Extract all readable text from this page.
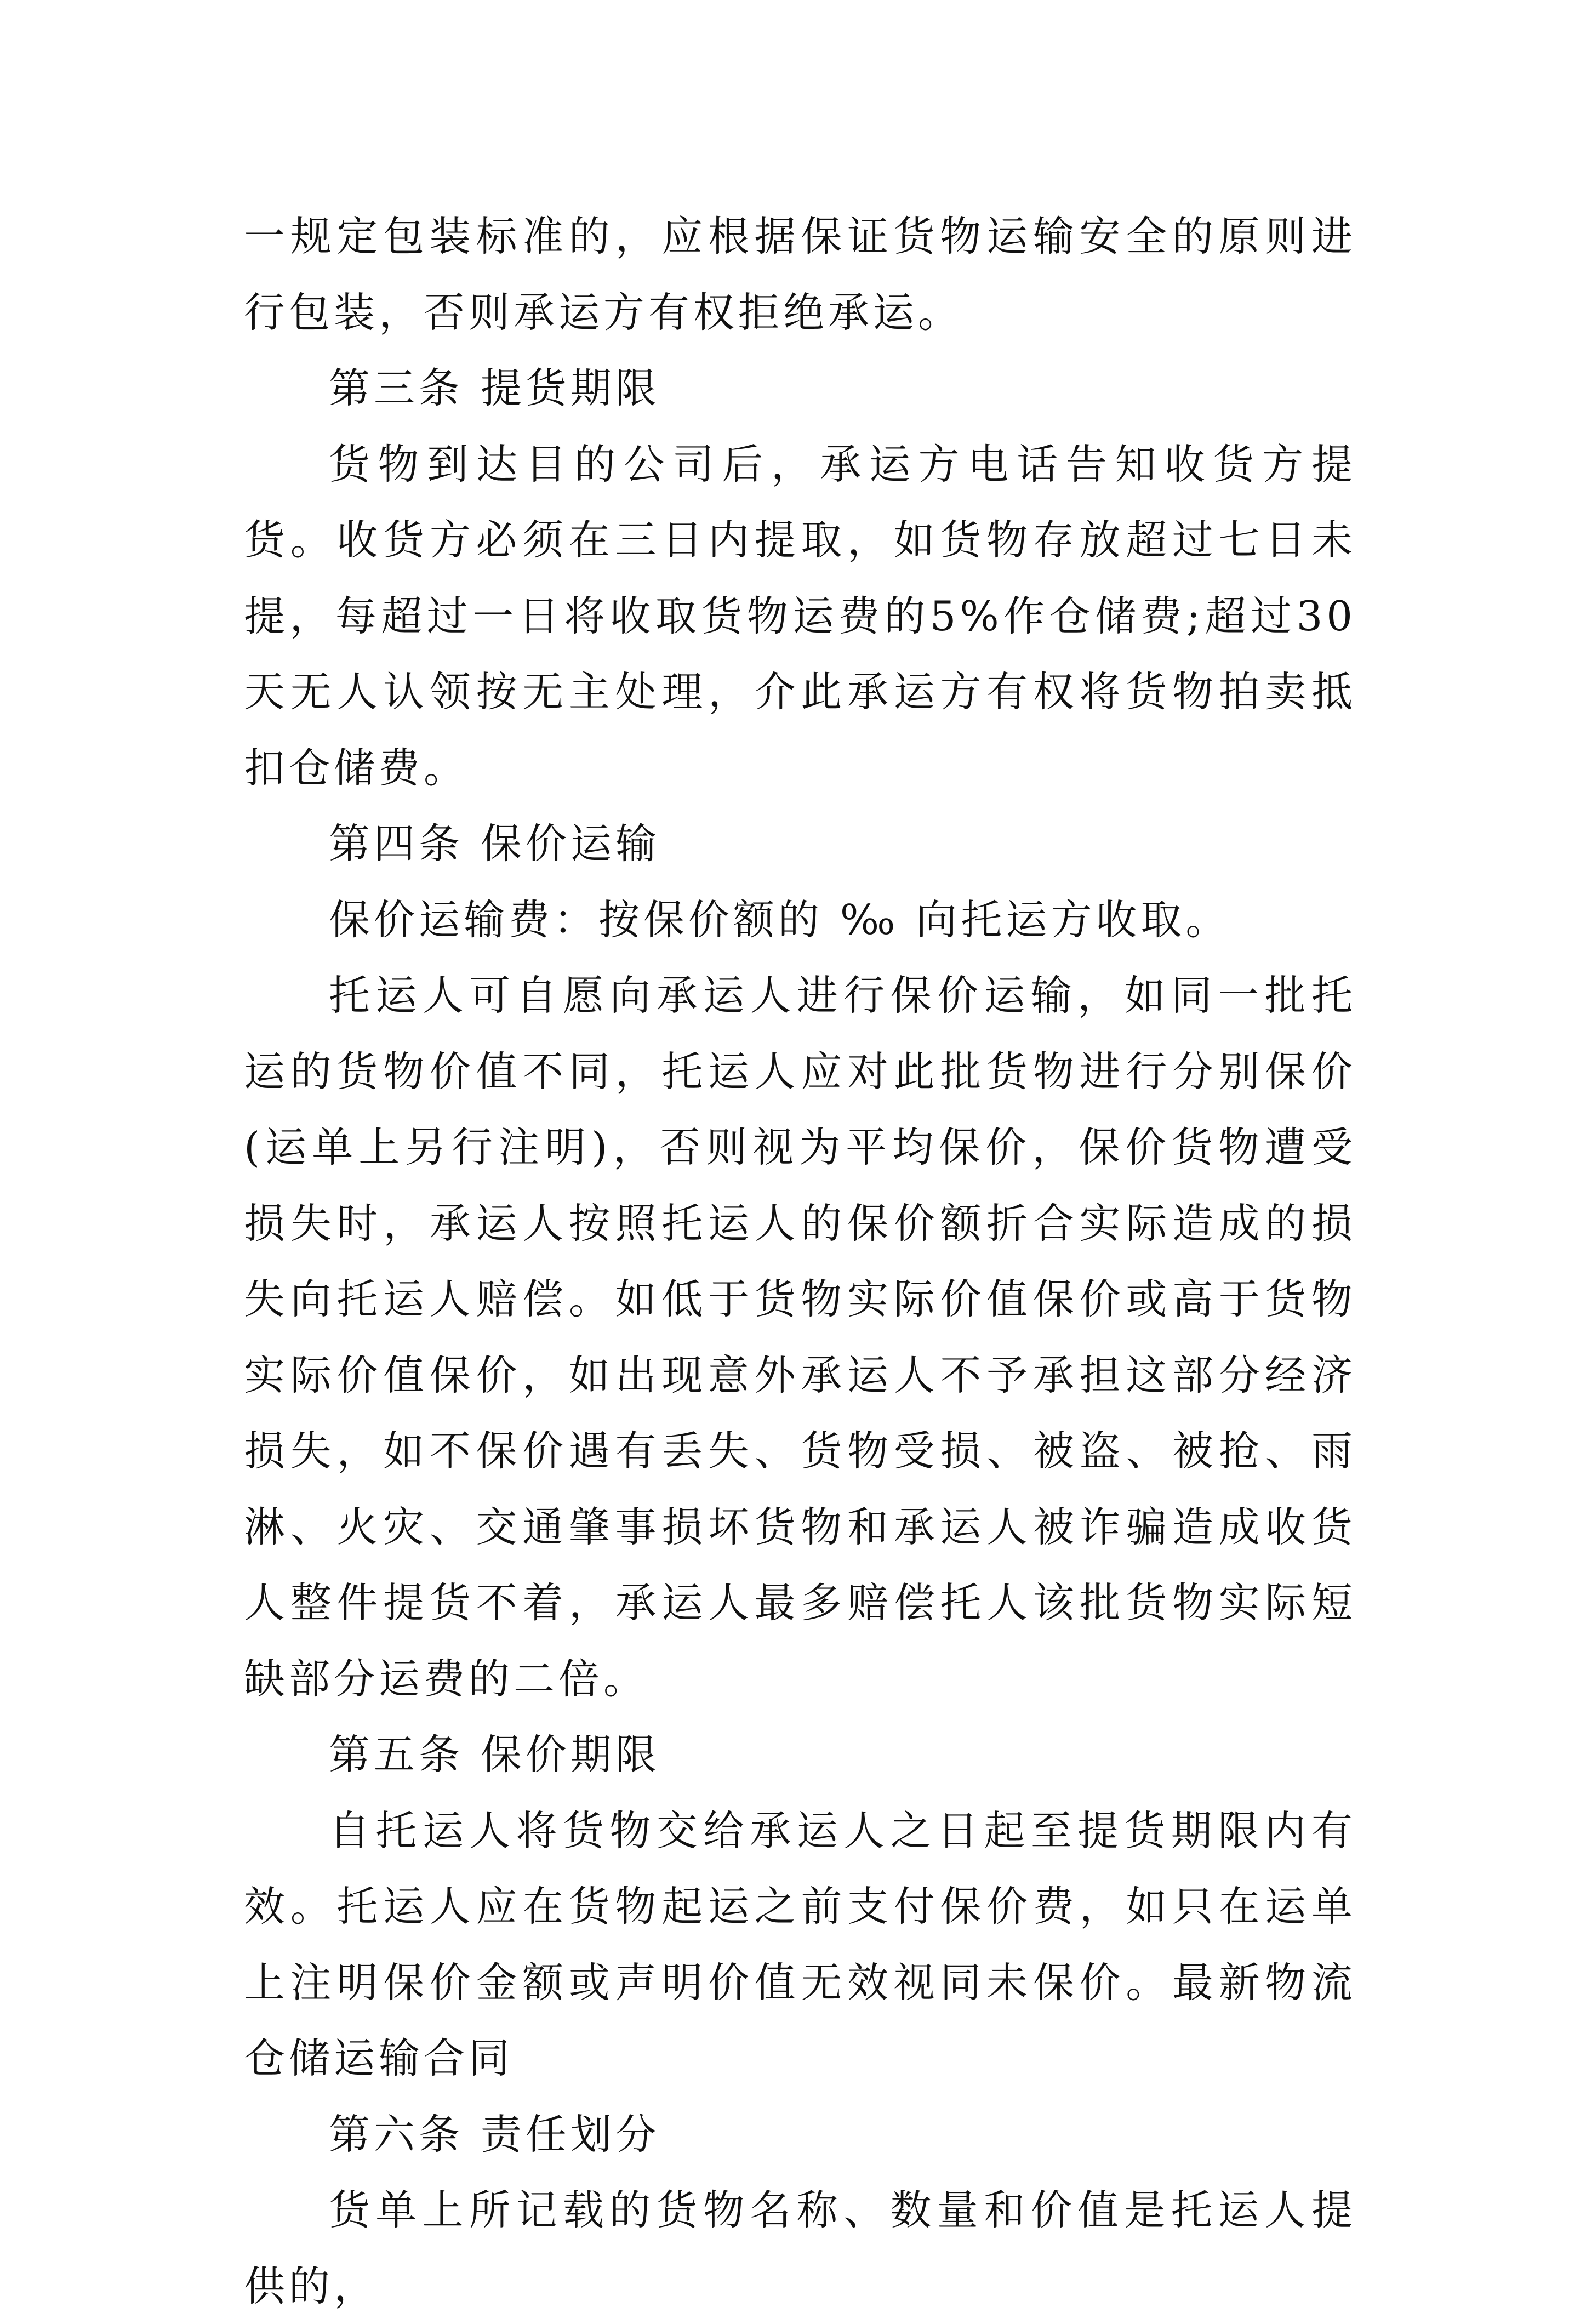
一规定包装标准的，应根据保证货物运输安全的原则进行包装，否则承运方有权拒绝承运。

第三条 提货期限

货物到达目的公司后，承运方电话告知收货方提货。收货方必须在三日内提取，如货物存放超过七日未提，每超过一日将收取货物运费的5%作仓储费;超过30天无人认领按无主处理，介此承运方有权将货物拍卖抵扣仓储费。

第四条 保价运输

保价运输费：按保价额的 ‰ 向托运方收取。

托运人可自愿向承运人进行保价运输，如同一批托运的货物价值不同，托运人应对此批货物进行分别保价(运单上另行注明)，否则视为平均保价，保价货物遭受损失时，承运人按照托运人的保价额折合实际造成的损失向托运人赔偿。如低于货物实际价值保价或高于货物实际价值保价，如出现意外承运人不予承担这部分经济损失，如不保价遇有丢失、货物受损、被盗、被抢、雨淋、火灾、交通肇事损坏货物和承运人被诈骗造成收货人整件提货不着，承运人最多赔偿托人该批货物实际短缺部分运费的二倍。

第五条 保价期限

自托运人将货物交给承运人之日起至提货期限内有效。托运人应在货物起运之前支付保价费，如只在运单上注明保价金额或声明价值无效视同未保价。最新物流仓储运输合同

第六条 责任划分

货单上所记载的货物名称、数量和价值是托运人提供的，
